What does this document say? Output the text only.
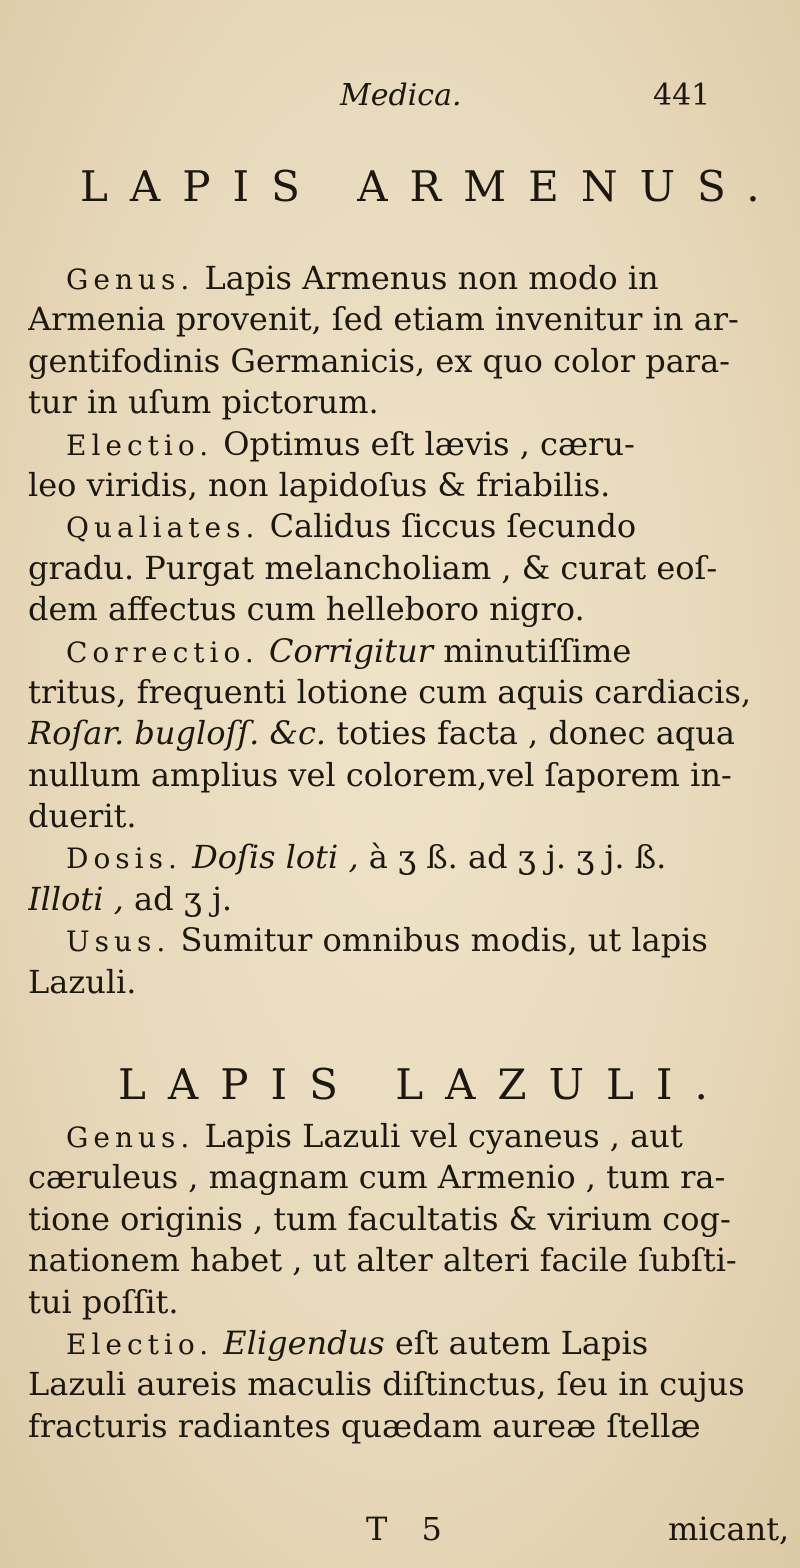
Medica.	441
LAPIS ARMENUS.
Genus. Lapis Armenus non modo in
Armenia provenit, ſed etiam invenitur in ar-
gentifodinis Germanicis, ex quo color para-
tur in uſum pictorum.
Electio. Optimus eſt lævis , cæru-
leo viridis, non lapidoſus & friabilis.
Qualiates. Calidus ſiccus ſecundo
gradu. Purgat melancholiam , & curat eoſ-
dem affectus cum helleboro nigro.
Correctio. Corrigitur minutiſſime
tritus, frequenti lotione cum aquis cardiacis,
Roſar. bugloſſ. &c. toties facta , donec aqua
nullum amplius vel colorem,vel ſaporem in-
duerit.
Dosis. Doſis loti , à ʒ ß. ad ʒ j. ʒ j. ß.
Illoti , ad ʒ j.
Usus. Sumitur omnibus modis, ut lapis
Lazuli.
LAPIS LAZULI.
Genus. Lapis Lazuli vel cyaneus , aut
cæruleus , magnam cum Armenio , tum ra-
tione originis , tum facultatis & virium cog-
nationem habet , ut alter alteri facile ſubſti-
tui poſſit.
Electio. Eligendus eſt autem Lapis
Lazuli aureis maculis diſtinctus, ſeu in cujus
fracturis radiantes quædam aureæ ſtellæ
T 5	micant,
